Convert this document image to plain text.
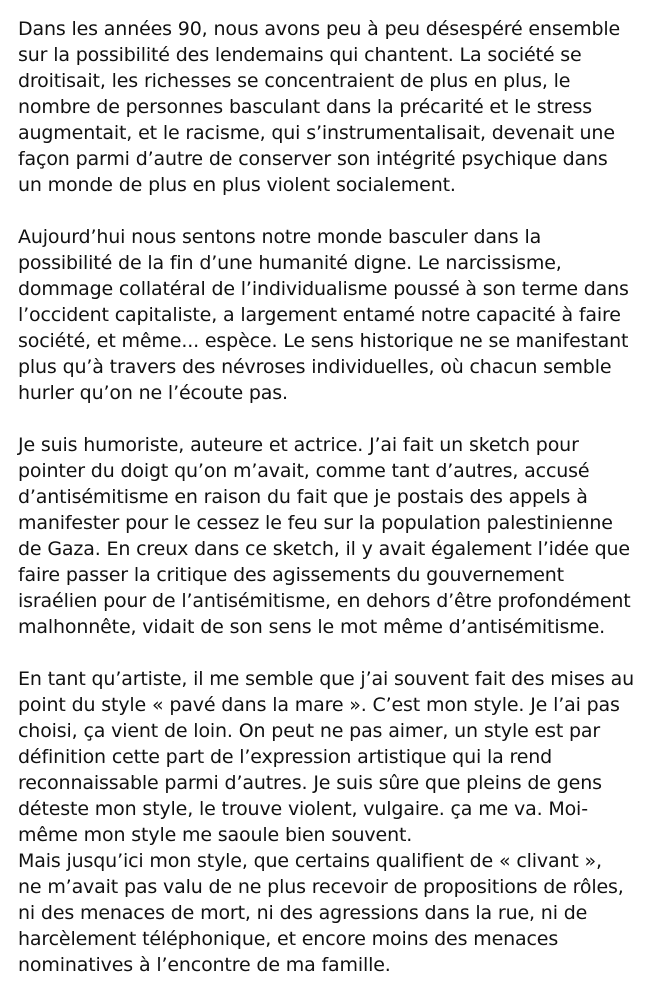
Dans les années 90, nous avons peu à peu désespéré ensemble
sur la possibilité des lendemains qui chantent. La société se
droitisait, les richesses se concentraient de plus en plus, le
nombre de personnes basculant dans la précarité et le stress
augmentait, et le racisme, qui s’instrumentalisait, devenait une
façon parmi d’autre de conserver son intégrité psychique dans
un monde de plus en plus violent socialement.

Aujourd’hui nous sentons notre monde basculer dans la
possibilité de la fin d’une humanité digne. Le narcissisme,
dommage collatéral de l’individualisme poussé à son terme dans
l’occident capitaliste, a largement entamé notre capacité à faire
société, et même... espèce. Le sens historique ne se manifestant
plus qu’à travers des névroses individuelles, où chacun semble
hurler qu’on ne l’écoute pas.

Je suis humoriste, auteure et actrice. J’ai fait un sketch pour
pointer du doigt qu’on m’avait, comme tant d’autres, accusé
d’antisémitisme en raison du fait que je postais des appels à
manifester pour le cessez le feu sur la population palestinienne
de Gaza. En creux dans ce sketch, il y avait également l’idée que
faire passer la critique des agissements du gouvernement
israélien pour de l’antisémitisme, en dehors d’être profondément
malhonnête, vidait de son sens le mot même d’antisémitisme.

En tant qu’artiste, il me semble que j’ai souvent fait des mises au
point du style « pavé dans la mare ». C’est mon style. Je l’ai pas
choisi, ça vient de loin. On peut ne pas aimer, un style est par
définition cette part de l’expression artistique qui la rend
reconnaissable parmi d’autres. Je suis sûre que pleins de gens
déteste mon style, le trouve violent, vulgaire. ça me va. Moi-
même mon style me saoule bien souvent.

Mais jusqu’ici mon style, que certains qualifient de « clivant »,
ne m’avait pas valu de ne plus recevoir de propositions de rôles,
ni des menaces de mort, ni des agressions dans la rue, ni de
harcèlement téléphonique, et encore moins des menaces
nominatives à l’encontre de ma famille.
